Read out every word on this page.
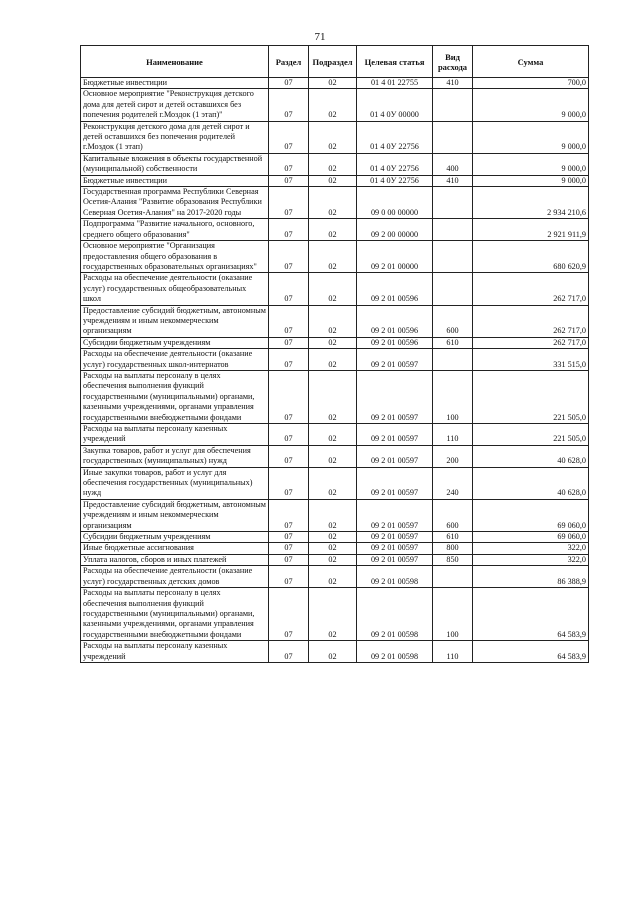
71
Наименование	Раздел	Подраздел	Целевая статья	Вид расхода	Сумма
Бюджетные инвестиции	07	02	01 4 01 22755	410	700,0
Основное мероприятие "Реконструкция детского дома для детей сирот и детей оставшихся без попечения родителей г.Моздок (1 этап)"	07	02	01 4 0У 00000		9 000,0
Реконструкция детского дома для детей сирот и детей оставшихся без попечения родителей г.Моздок (1 этап)	07	02	01 4 0У 22756		9 000,0
Капитальные вложения в объекты государственной (муниципальной) собственности	07	02	01 4 0У 22756	400	9 000,0
Бюджетные инвестиции	07	02	01 4 0У 22756	410	9 000,0
Государственная программа Республики Северная Осетия-Алания "Развитие образования Республики Северная Осетия-Алания" на 2017-2020 годы	07	02	09 0 00 00000		2 934 210,6
Подпрограмма "Развитие начального, основного, среднего общего образования"	07	02	09 2 00 00000		2 921 911,9
Основное мероприятие "Организация предоставления общего образования в государственных образовательных организациях"	07	02	09 2 01 00000		680 620,9
Расходы на обеспечение деятельности (оказание услуг) государственных общеобразовательных школ	07	02	09 2 01 00596		262 717,0
Предоставление субсидий бюджетным, автономным учреждениям и иным некоммерческим организациям	07	02	09 2 01 00596	600	262 717,0
Субсидии бюджетным учреждениям	07	02	09 2 01 00596	610	262 717,0
Расходы на обеспечение деятельности (оказание услуг) государственных школ-интернатов	07	02	09 2 01 00597		331 515,0
Расходы на выплаты персоналу в целях обеспечения выполнения функций государственными (муниципальными) органами, казенными учреждениями, органами управления государственными внебюджетными фондами	07	02	09 2 01 00597	100	221 505,0
Расходы на выплаты персоналу казенных учреждений	07	02	09 2 01 00597	110	221 505,0
Закупка товаров, работ и услуг для обеспечения государственных (муниципальных) нужд	07	02	09 2 01 00597	200	40 628,0
Иные закупки товаров, работ и услуг для обеспечения государственных (муниципальных) нужд	07	02	09 2 01 00597	240	40 628,0
Предоставление субсидий бюджетным, автономным учреждениям и иным некоммерческим организациям	07	02	09 2 01 00597	600	69 060,0
Субсидии бюджетным учреждениям	07	02	09 2 01 00597	610	69 060,0
Иные бюджетные ассигнования	07	02	09 2 01 00597	800	322,0
Уплата налогов, сборов и иных платежей	07	02	09 2 01 00597	850	322,0
Расходы на обеспечение деятельности (оказание услуг) государственных детских домов	07	02	09 2 01 00598		86 388,9
Расходы на выплаты персоналу в целях обеспечения выполнения функций государственными (муниципальными) органами, казенными учреждениями, органами управления государственными внебюджетными фондами	07	02	09 2 01 00598	100	64 583,9
Расходы на выплаты персоналу казенных учреждений	07	02	09 2 01 00598	110	64 583,9
